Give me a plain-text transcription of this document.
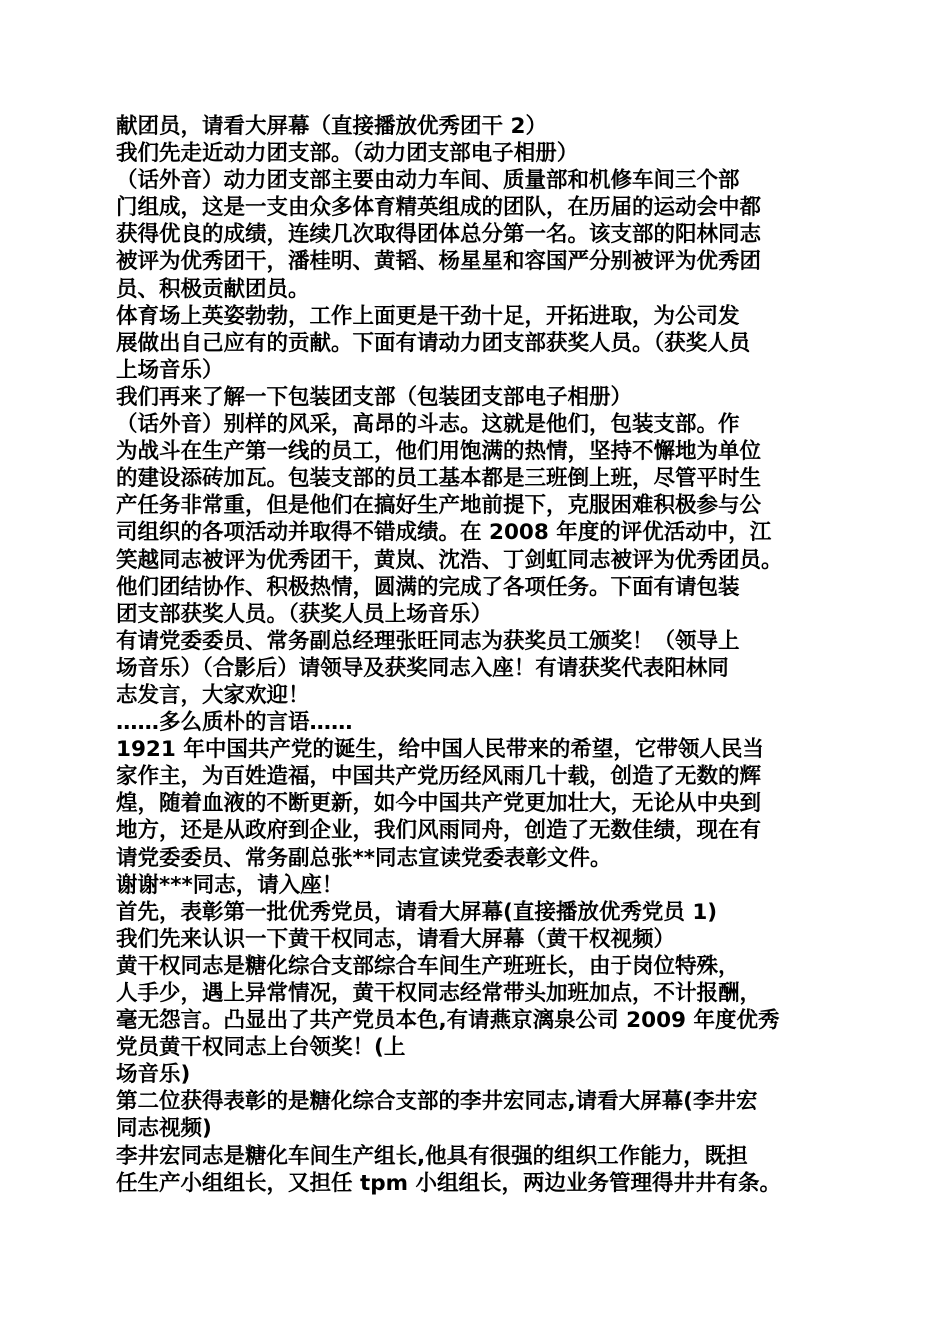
献团员，请看大屏幕（直接播放优秀团干 2）
我们先走近动力团支部。（动力团支部电子相册）
（话外音）动力团支部主要由动力车间、质量部和机修车间三个部
门组成，这是一支由众多体育精英组成的团队，在历届的运动会中都
获得优良的成绩，连续几次取得团体总分第一名。该支部的阳林同志
被评为优秀团干，潘桂明、黄韬、杨星星和容国严分别被评为优秀团
员、积极贡献团员。
体育场上英姿勃勃，工作上面更是干劲十足，开拓进取，为公司发
展做出自己应有的贡献。下面有请动力团支部获奖人员。（获奖人员
上场音乐）
我们再来了解一下包装团支部（包装团支部电子相册）
（话外音）别样的风采，高昂的斗志。这就是他们，包装支部。作
为战斗在生产第一线的员工，他们用饱满的热情，坚持不懈地为单位
的建设添砖加瓦。包装支部的员工基本都是三班倒上班，尽管平时生
产任务非常重，但是他们在搞好生产地前提下，克服困难积极参与公
司组织的各项活动并取得不错成绩。在 2008 年度的评优活动中，江
笑越同志被评为优秀团干，黄岚、沈浩、丁剑虹同志被评为优秀团员。
他们团结协作、积极热情，圆满的完成了各项任务。下面有请包装
团支部获奖人员。（获奖人员上场音乐）
有请党委委员、常务副总经理张旺同志为获奖员工颁奖！（领导上
场音乐）（合影后）请领导及获奖同志入座！有请获奖代表阳林同
志发言，大家欢迎！
……多么质朴的言语……
1921 年中国共产党的诞生，给中国人民带来的希望，它带领人民当
家作主，为百姓造福，中国共产党历经风雨几十载，创造了无数的辉
煌，随着血液的不断更新，如今中国共产党更加壮大，无论从中央到
地方，还是从政府到企业，我们风雨同舟，创造了无数佳绩，现在有
请党委委员、常务副总张**同志宣读党委表彰文件。
谢谢***同志，请入座！
首先，表彰第一批优秀党员，请看大屏幕(直接播放优秀党员 1)
我们先来认识一下黄干权同志，请看大屏幕（黄干权视频）
黄干权同志是糖化综合支部综合车间生产班班长，由于岗位特殊，
人手少，遇上异常情况，黄干权同志经常带头加班加点，不计报酬，
毫无怨言。凸显出了共产党员本色,有请燕京漓泉公司 2009 年度优秀
党员黄干权同志上台领奖！(上
场音乐)
第二位获得表彰的是糖化综合支部的李井宏同志,请看大屏幕(李井宏
同志视频)
李井宏同志是糖化车间生产组长,他具有很强的组织工作能力，既担
任生产小组组长，又担任 tpm 小组组长，两边业务管理得井井有条。
